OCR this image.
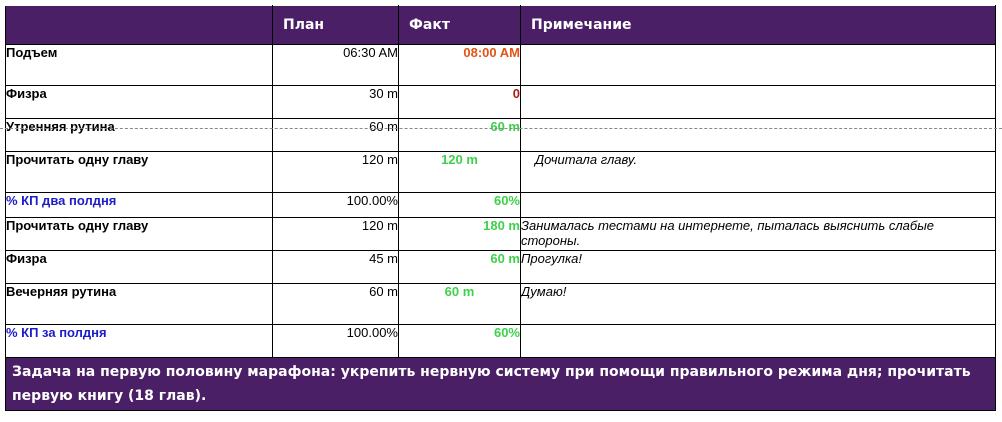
	План	Факт	Примечание
Подъем	06:30 AM	08:00 AM	
Физра	30 m	0	
Утренняя рутина	60 m	60 m	
Прочитать одну главу	120 m	120 m	Дочитала главу.
% КП два полдня	100.00%	60%	
Прочитать одну главу	120 m	180 m	Занималась тестами на интернете, пыталась выяснить слабые стороны.
Физра	45 m	60 m	Прогулка!
Вечерняя рутина	60 m	60 m	Думаю!
% КП за полдня	100.00%	60%	
Задача на первую половину марафона: укрепить нервную систему при помощи правильного режима дня; прочитать первую книгу (18 глав).			
